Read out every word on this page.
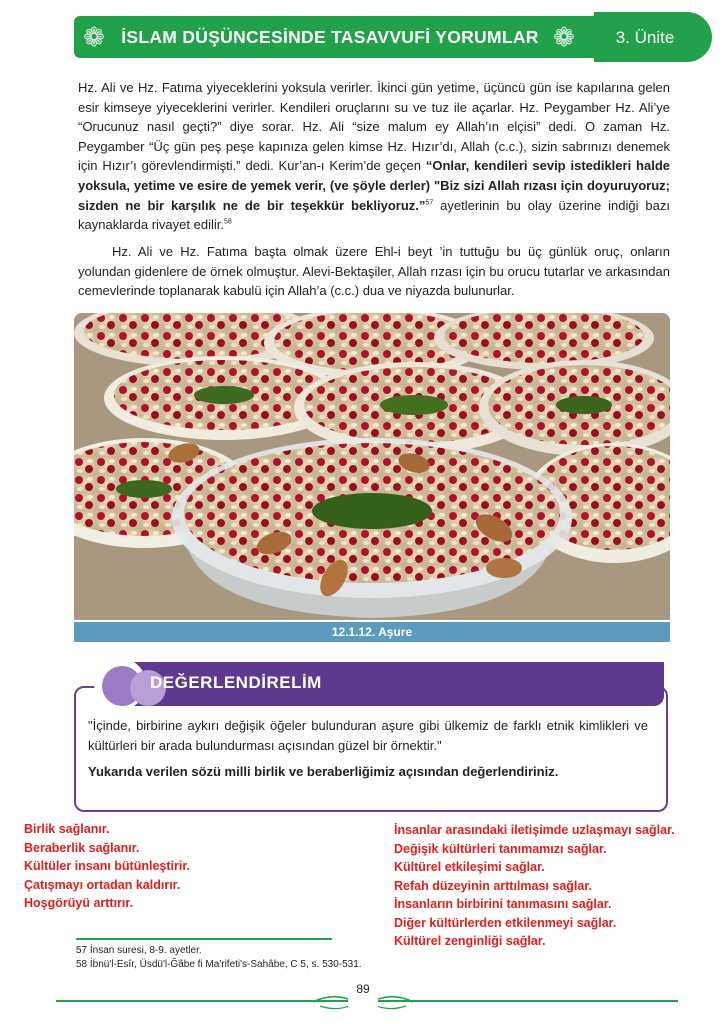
❁	❁
İSLAM DÜŞÜNCESİNDE TASAVVUFİ YORUMLAR	3. Ünite
Hz. Ali ve Hz. Fatıma yiyeceklerini yoksula verirler. İkinci gün yetime, üçüncü gün ise kapılarına gelen esir kimseye yiyeceklerini verirler. Kendileri oruçlarını su ve tuz ile açarlar. Hz. Peygamber Hz. Ali’ye “Orucunuz nasıl geçti?” diye sorar. Hz. Ali “size malum ey Allah’ın elçisi” dedi. O zaman Hz. Peygamber “Üç gün peş peşe kapınıza gelen kimse Hz. Hızır’dı, Allah (c.c.), sizin sabrınızı denemek için Hızır’ı görevlendirmişti.” dedi. Kur’an-ı Kerim’de geçen “Onlar, kendileri sevip istedikleri halde yoksula, yetime ve esire de yemek verir, (ve şöyle derler) "Biz sizi Allah rızası için doyuruyoruz; sizden ne bir karşılık ne de bir teşekkür bekliyoruz.”$^{57}$ ayetlerinin bu olay üzerine indiği bazı kaynaklarda rivayet edilir.$^{58}$
Hz. Ali ve Hz. Fatıma başta olmak üzere Ehl-i beyt ’in tuttuğu bu üç günlük oruç, onların yolundan gidenlere de örnek olmuştur. Alevi-Bektaşiler, Allah rızası için bu orucu tutarlar ve arkasından cemevlerinde toplanarak kabulü için Allah’a (c.c.) dua ve niyazda bulunurlar.
12.1.12. Aşure
DEĞERLENDİRELİM
"İçinde, birbirine aykırı değişik öğeler bulunduran aşure gibi ülkemiz de farklı etnik kimlikleri ve kültürleri bir arada bulundurması açısından güzel bir örnektir."
Yukarıda verilen sözü milli birlik ve beraberliğimiz açısından değerlendiriniz.
Birlik sağlanır.
Beraberlik sağlanır.
Kültüler insanı bütünleştirir.
Çatışmayı ortadan kaldırır.
Hoşgörüyü arttırır.
İnsanlar arasındaki iletişimde uzlaşmayı sağlar.
Değişik kültürleri tanımamızı sağlar.
Kültürel etkileşimi sağlar.
Refah düzeyinin arttılması sağlar.
İnsanların birbirini tanımasını sağlar.
Diğer kültürlerden etkilenmeyi sağlar.
Kültürel zenginliği sağlar.
57 İnsan suresi, 8-9. ayetler.
58 İbnü'l-Esîr, Üsdü'l-Ğâbe fi Ma'rifeti's-Sahâbe, C 5, s. 530-531.
89
